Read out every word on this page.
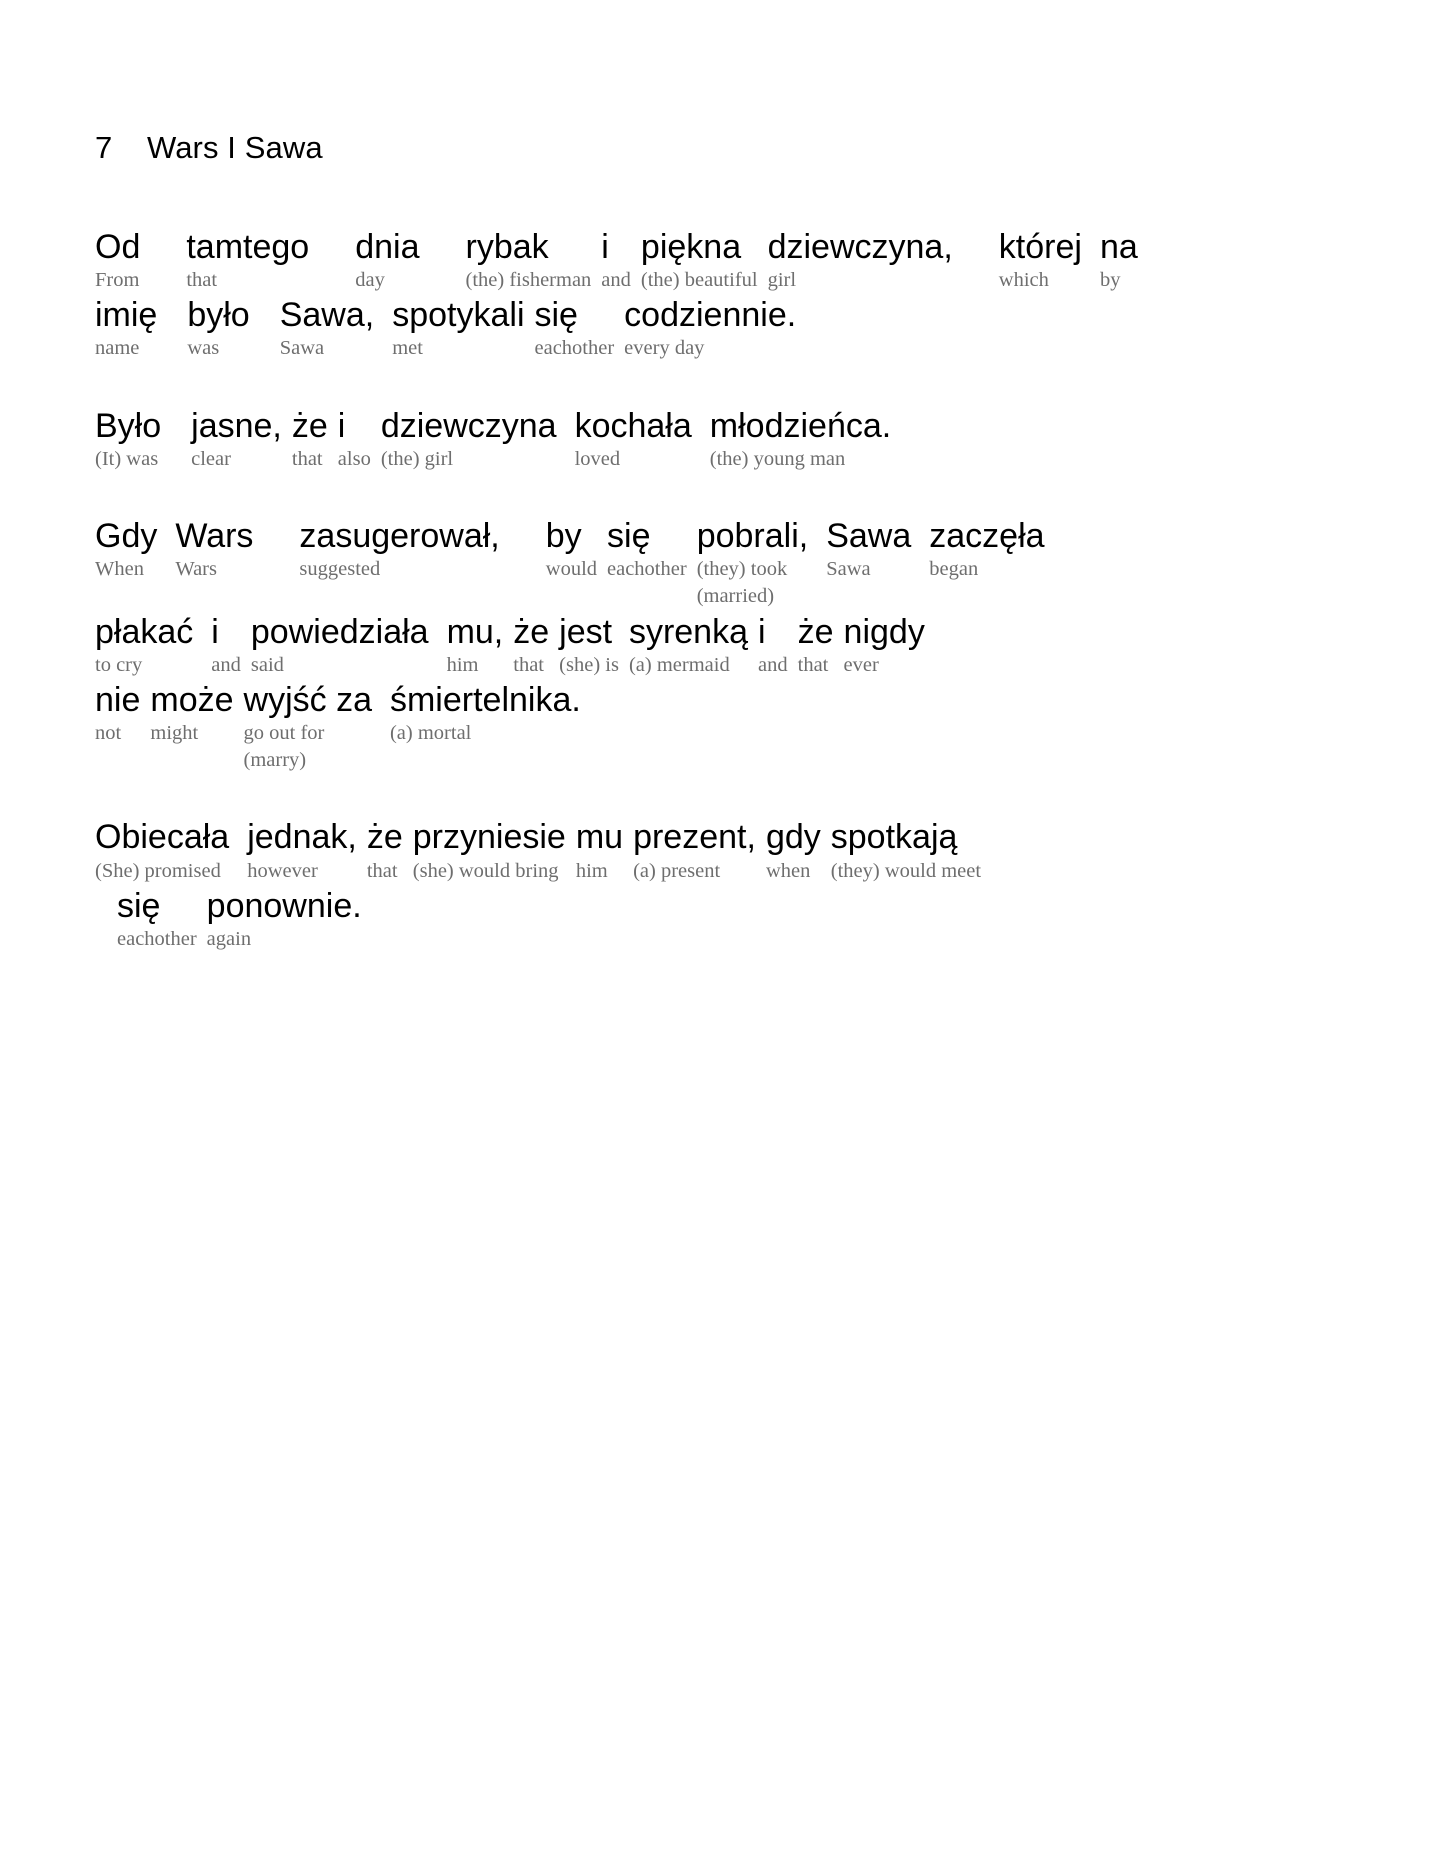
7	Wars I Sawa
Od
From
tamtego
that
dnia
day
rybak
(the) fisherman
i
and
piękna
(the) beautiful
dziewczyna,
girl
której
which
na
by
imię
name
było
was
Sawa,
Sawa
spotykali
met
się
eachother
codziennie.
every day
Było
(It) was
jasne,
clear
że
that
i
also
dziewczyna
(the) girl
kochała
loved
młodzieńca.
(the) young man
Gdy
When
Wars
Wars
zasugerował,
suggested
by
would
się
eachother
pobrali,
(they) took
(married)
Sawa
Sawa
zaczęła
began
płakać
to cry
i
and
powiedziała
said
mu,
him
że
that
jest
(she) is
syrenką
(a) mermaid
i
and
że
that
nigdy
ever
nie
not
może
might
wyjść za
go out for
(marry)
śmiertelnika.
(a) mortal
Obiecała
(She) promised
jednak,
however
że
that
przyniesie
(she) would bring
mu
him
prezent,
(a) present
gdy
when
spotkają
(they) would meet
się
eachother
ponownie.
again
